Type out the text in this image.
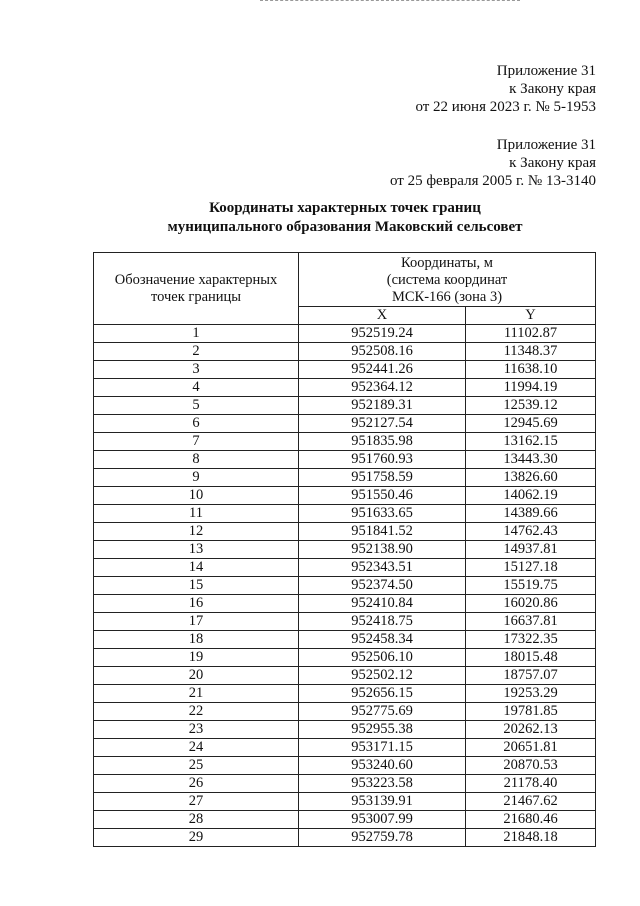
Приложение 31
к Закону края
от 22 июня 2023 г. № 5-1953
Приложение 31
к Закону края
от 25 февраля 2005 г. № 13-3140
Координаты характерных точек границ
муниципального образования Маковский сельсовет
Обозначение характерных точек границы	Координаты, м
(система координат
МСК-166 (зона 3)	

	X	Y
1	952519.24	11102.87
2	952508.16	11348.37
3	952441.26	11638.10
4	952364.12	11994.19
5	952189.31	12539.12
6	952127.54	12945.69
7	951835.98	13162.15
8	951760.93	13443.30
9	951758.59	13826.60
10	951550.46	14062.19
11	951633.65	14389.66
12	951841.52	14762.43
13	952138.90	14937.81
14	952343.51	15127.18
15	952374.50	15519.75
16	952410.84	16020.86
17	952418.75	16637.81
18	952458.34	17322.35
19	952506.10	18015.48
20	952502.12	18757.07
21	952656.15	19253.29
22	952775.69	19781.85
23	952955.38	20262.13
24	953171.15	20651.81
25	953240.60	20870.53
26	953223.58	21178.40
27	953139.91	21467.62
28	953007.99	21680.46
29	952759.78	21848.18
